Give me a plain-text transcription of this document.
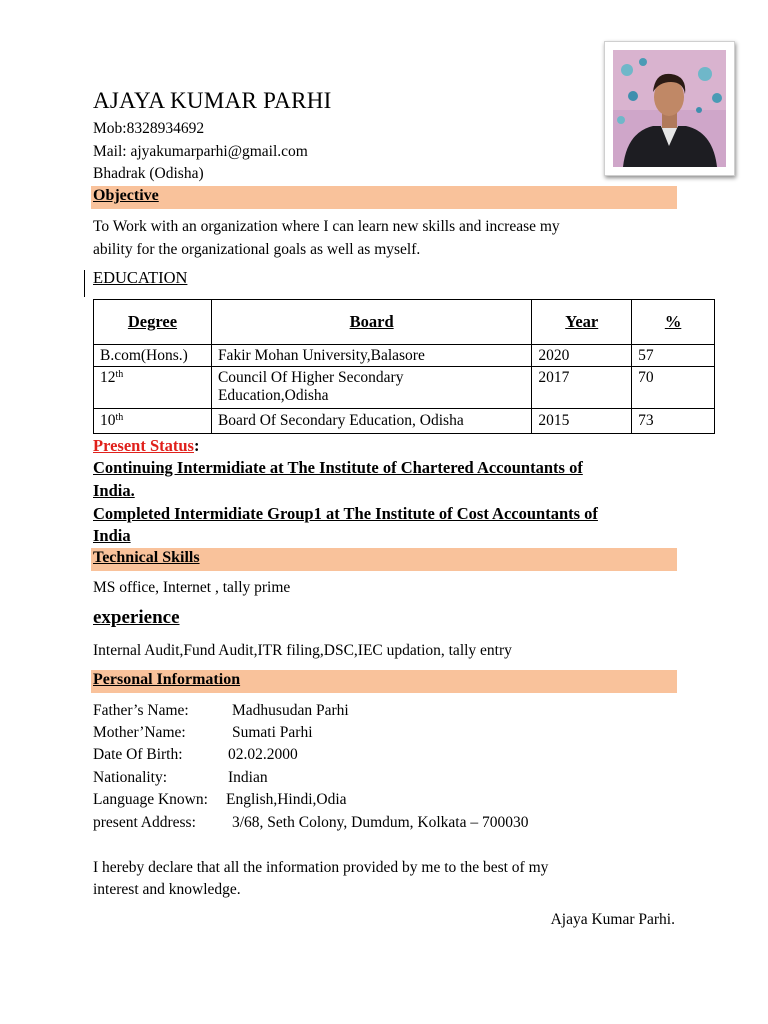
AJAYA KUMAR PARHI
Mob:8328934692
Mail: ajyakumarparhi@gmail.com
Bhadrak (Odisha)
Objective
To Work with an organization where I can learn new skills and increase my
ability for the organizational goals as well as myself.
EDUCATION
Degree	Board	Year	%
B.com(Hons.)	Fakir Mohan University,Balasore	2020	57
12th	Council Of Higher Secondary
Education,Odisha	2017	70
10th	Board Of Secondary Education, Odisha	2015	73
Present Status:
Continuing Intermidiate at The Institute of Chartered Accountants of
India.
Completed Intermidiate Group1 at The Institute of Cost Accountants of
India
Technical Skills
MS office, Internet , tally prime
experience
Internal Audit,Fund Audit,ITR filing,DSC,IEC updation, tally entry
Personal Information
Father’s Name:	Madhusudan Parhi
Mother’Name:	Sumati Parhi
Date Of Birth:	02.02.2000
Nationality:	Indian
Language Known: English,Hindi,Odia
present Address: 3/68, Seth Colony, Dumdum, Kolkata – 700030
I hereby declare that all the information provided by me to the best of my
interest and knowledge.
Ajaya Kumar Parhi.
